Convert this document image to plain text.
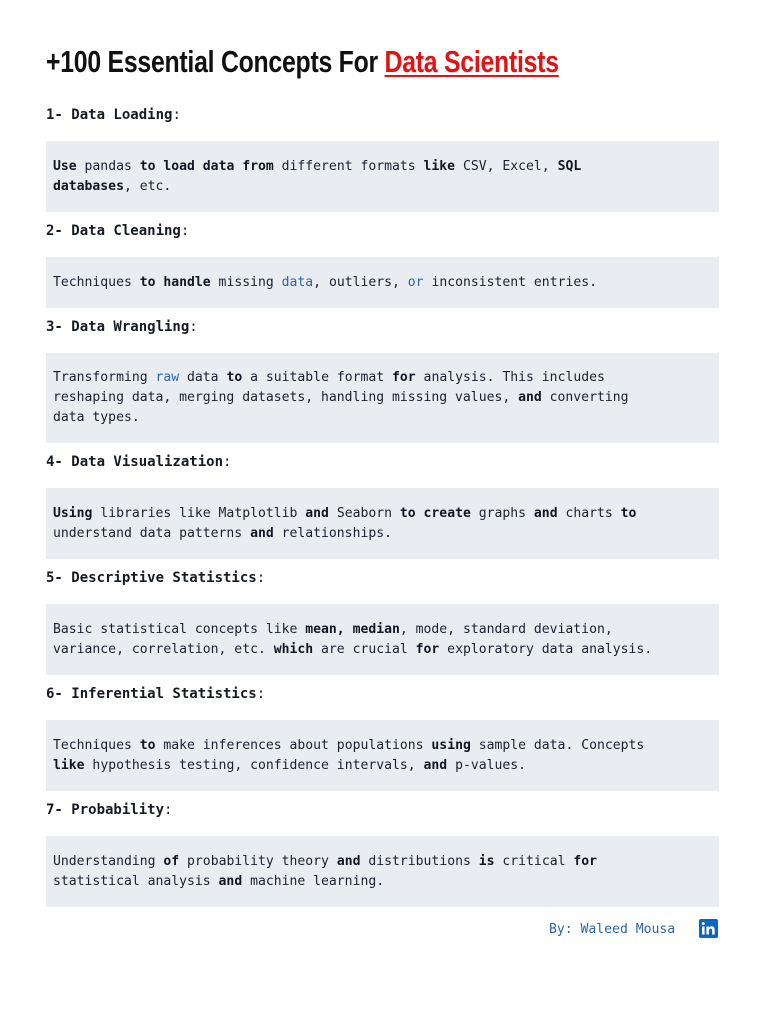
+100 Essential Concepts For Data Scientists
1- Data Loading:

Use pandas to load data from different formats like CSV, Excel, SQL
databases, etc.

2- Data Cleaning:

Techniques to handle missing data, outliers, or inconsistent entries.

3- Data Wrangling:

Transforming raw data to a suitable format for analysis. This includes
reshaping data, merging datasets, handling missing values, and converting
data types.

4- Data Visualization:

Using libraries like Matplotlib and Seaborn to create graphs and charts to
understand data patterns and relationships.

5- Descriptive Statistics:

Basic statistical concepts like mean, median, mode, standard deviation,
variance, correlation, etc. which are crucial for exploratory data analysis.

6- Inferential Statistics:

Techniques to make inferences about populations using sample data. Concepts
like hypothesis testing, confidence intervals, and p-values.

7- Probability:

Understanding of probability theory and distributions is critical for
statistical analysis and machine learning.

By: Waleed Mousa
